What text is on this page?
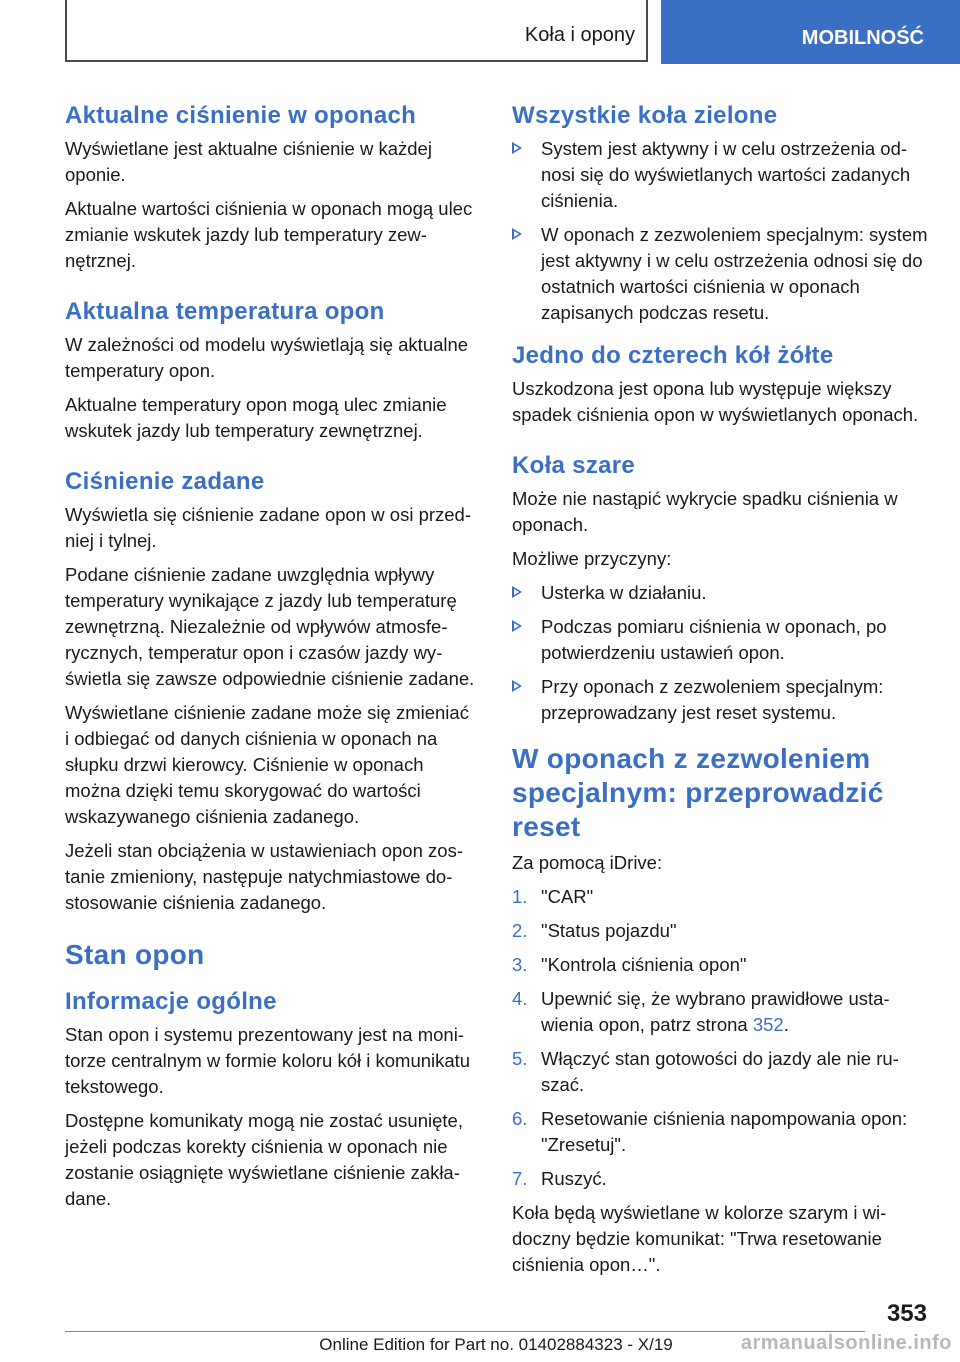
Koła i opony	MOBILNOŚĆ
Aktualne ciśnienie w oponach

Wyświetlane jest aktualne ciśnienie w każdej oponie.

Aktualne wartości ciśnienia w oponach mogą ulec zmianie wskutek jazdy lub temperatury zewnętrznej.

Aktualna temperatura opon

W zależności od modelu wyświetlają się aktualne temperatury opon.

Aktualne temperatury opon mogą ulec zmianie wskutek jazdy lub temperatury zewnętrznej.

Ciśnienie zadane

Wyświetla się ciśnienie zadane opon w osi przedniej i tylnej.

Podane ciśnienie zadane uwzględnia wpływy temperatury wynikające z jazdy lub temperaturę zewnętrzną. Niezależnie od wpływów atmosferycznych, temperatur opon i czasów jazdy wyświetla się zawsze odpowiednie ciśnienie zadane.

Wyświetlane ciśnienie zadane może się zmieniać i odbiegać od danych ciśnienia w oponach na słupku drzwi kierowcy. Ciśnienie w oponach można dzięki temu skorygować do wartości wskazywanego ciśnienia zadanego.

Jeżeli stan obciążenia w ustawieniach opon zostanie zmieniony, następuje natychmiastowe dostosowanie ciśnienia zadanego.

Stan opon
Informacje ogólne

Stan opon i systemu prezentowany jest na monitorze centralnym w formie koloru kół i komunikatu tekstowego.

Dostępne komunikaty mogą nie zostać usunięte, jeżeli podczas korekty ciśnienia w oponach nie zostanie osiągnięte wyświetlane ciśnienie zakładane.

Wszystkie koła zielone
System jest aktywny i w celu ostrzeżenia odnosi się do wyświetlanych wartości zadanych ciśnienia.
W oponach z zezwoleniem specjalnym: system jest aktywny i w celu ostrzeżenia odnosi się do ostatnich wartości ciśnienia w oponach zapisanych podczas resetu.
Jedno do czterech kół żółte

Uszkodzona jest opona lub występuje większy spadek ciśnienia opon w wyświetlanych oponach.

Koła szare

Może nie nastąpić wykrycie spadku ciśnienia w oponach.

Możliwe przyczyny:

Usterka w działaniu.
Podczas pomiaru ciśnienia w oponach, po potwierdzeniu ustawień opon.
Przy oponach z zezwoleniem specjalnym: przeprowadzany jest reset systemu.
W oponach z zezwoleniem specjalnym: przeprowadzić reset

Za pomocą iDrive:

1. "CAR"
2. "Status pojazdu"
3. "Kontrola ciśnienia opon"
4. Upewnić się, że wybrano prawidłowe ustawienia opon, patrz strona 352.
5. Włączyć stan gotowości do jazdy ale nie ruszać.
6. Resetowanie ciśnienia napompowania opon: "Zresetuj".
7. Ruszyć.

Koła będą wyświetlane w kolorze szarym i widoczny będzie komunikat: "Trwa resetowanie ciśnienia opon…".

353
Online Edition for Part no. 01402884323 - X/19	armanualsonline.info
